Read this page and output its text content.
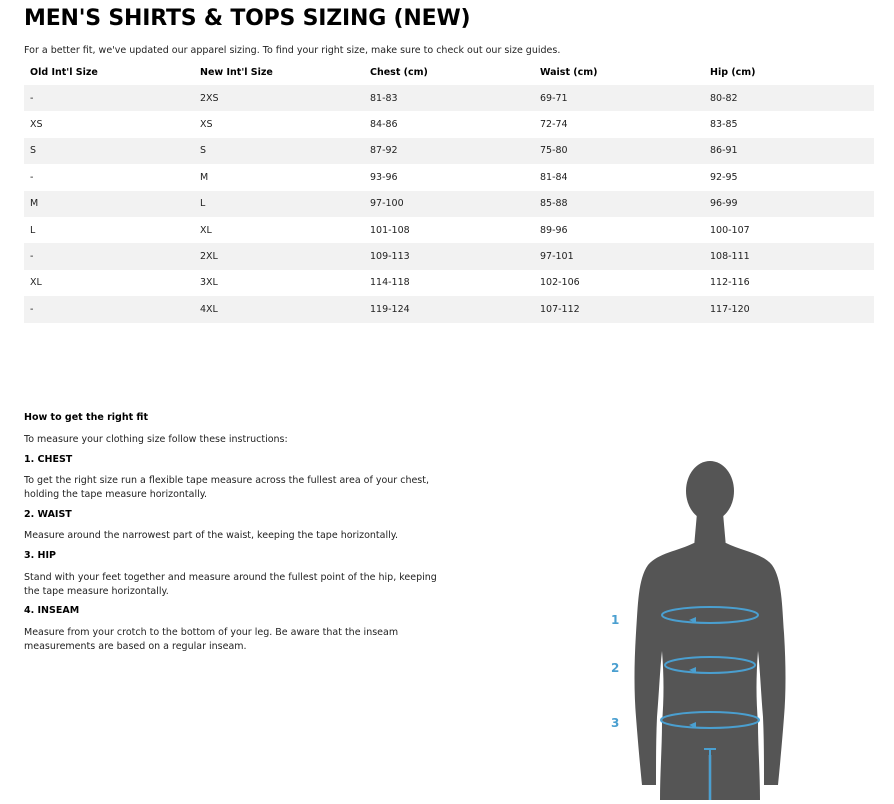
MEN'S SHIRTS & TOPS SIZING (NEW)

For a better fit, we've updated our apparel sizing. To find your right size, make sure to check out our size guides.

Old Int'l Size	New Int'l Size	Chest (cm)	Waist (cm)	Hip (cm)
-	2XS	81-83	69-71	80-82
XS	XS	84-86	72-74	83-85
S	S	87-92	75-80	86-91
-	M	93-96	81-84	92-95
M	L	97-100	85-88	96-99
L	XL	101-108	89-96	100-107
-	2XL	109-113	97-101	108-111
XL	3XL	114-118	102-106	112-116
-	4XL	119-124	107-112	117-120
How to get the right fit
To measure your clothing size follow these instructions:
1. CHEST
To get the right size run a flexible tape measure across the fullest area of your chest, holding the tape measure horizontally.
2. WAIST
Measure around the narrowest part of the waist, keeping the tape horizontally.
3. HIP
Stand with your feet together and measure around the fullest point of the hip, keeping the tape measure horizontally.
4. INSEAM
Measure from your crotch to the bottom of your leg. Be aware that the inseam measurements are based on a regular inseam.
1
2
3
